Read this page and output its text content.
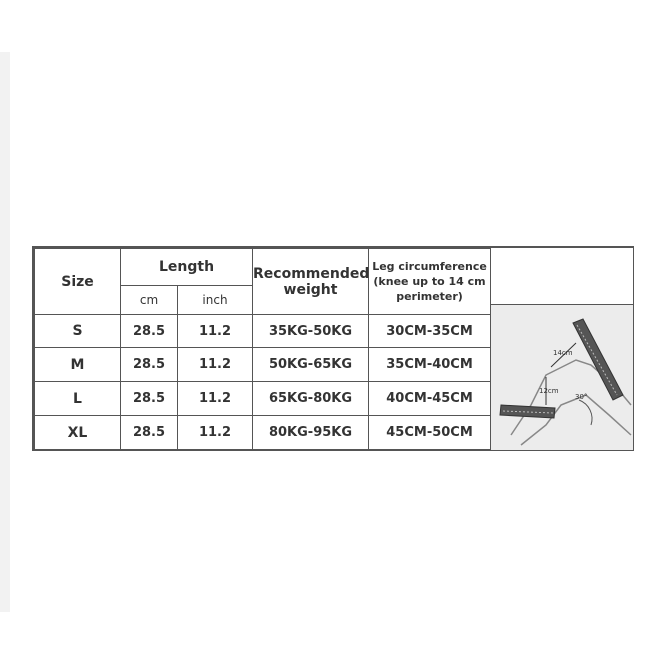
Size	Length		Recommended weight	Leg circumference (knee up to 14 cm perimeter)
	cm	inch		
S	28.5	11.2	35KG-50KG	30CM-35CM
M	28.5	11.2	50KG-65KG	35CM-40CM
L	28.5	11.2	65KG-80KG	40CM-45CM
XL	28.5	11.2	80KG-95KG	45CM-50CM
14cm
12cm
30°
